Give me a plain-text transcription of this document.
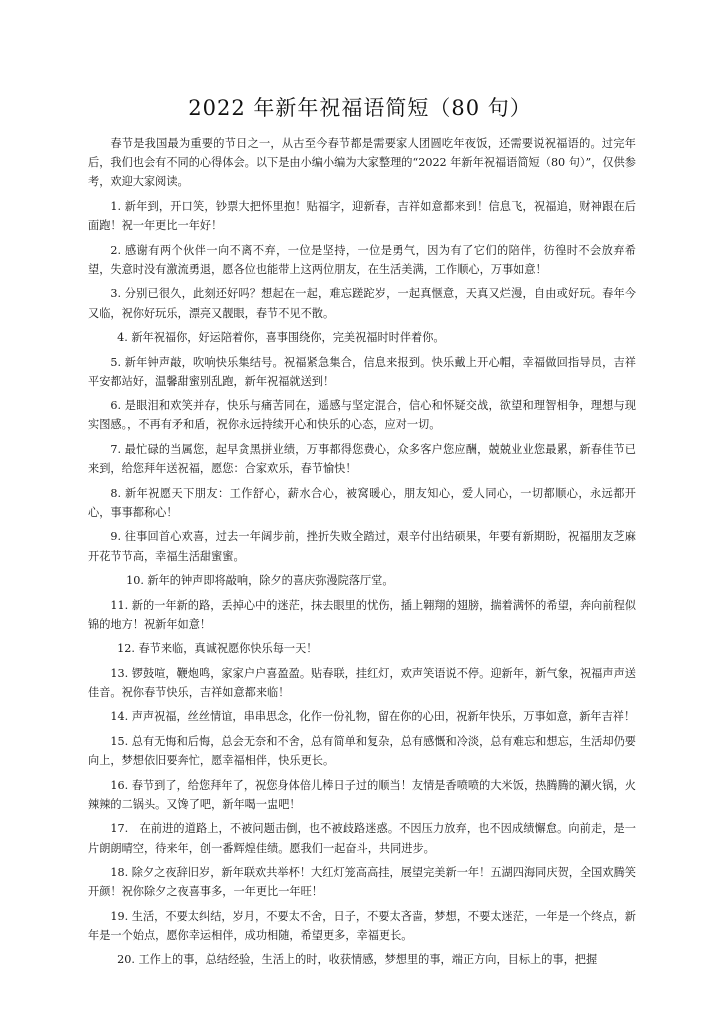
2022 年新年祝福语简短（80 句）

春节是我国最为重要的节日之一，从古至今春节都是需要家人团圆吃年夜饭，还需要说祝福语的。过完年后，我们也会有不同的心得体会。以下是由小编小编为大家整理的“2022 年新年祝福语简短（80 句）”，仅供参考，欢迎大家阅读。

1. 新年到，开口笑，钞票大把怀里抱！贴福字，迎新春，吉祥如意都来到！信息飞，祝福追，财神跟在后面跑！祝一年更比一年好！

2. 感谢有两个伙伴一向不离不弃，一位是坚持，一位是勇气，因为有了它们的陪伴，彷徨时不会放弃希望，失意时没有激流勇退，愿各位也能带上这两位朋友，在生活美满，工作顺心，万事如意！

3. 分别已很久，此刻还好吗？想起在一起，难忘蹉跎岁，一起真惬意，天真又烂漫，自由或好玩。春年今又临，祝你好玩乐，漂亮又靓眼，春节不见不散。

4. 新年祝福你，好运陪着你，喜事围绕你，完美祝福时时伴着你。

5. 新年钟声敲，吹响快乐集结号。祝福紧急集合，信息来报到。快乐戴上开心帽，幸福做回指导员，吉祥平安都站好，温馨甜蜜别乱跑，新年祝福就送到！

6. 是眼泪和欢笑并存，快乐与痛苦同在，遥感与坚定混合，信心和怀疑交战，欲望和理智相争，理想与现实图感。，不再有矛和盾，祝你永远持续开心和快乐的心态，应对一切。

7. 最忙碌的当属您，起早贪黑拼业绩，万事都得您费心，众多客户您应酬，兢兢业业您最累，新春佳节已来到，给您拜年送祝福，愿您：合家欢乐，春节愉快！

8. 新年祝愿天下朋友：工作舒心，薪水合心，被窝暖心，朋友知心，爱人同心，一切都顺心，永远都开心，事事都称心！

9. 往事回首心欢喜，过去一年阔步前，挫折失败全踏过，艰辛付出结硕果，年要有新期盼，祝福朋友芝麻开花节节高，幸福生活甜蜜蜜。

10. 新年的钟声即将敲响，除夕的喜庆弥漫院落厅堂。

11. 新的一年新的路，丢掉心中的迷茫，抹去眼里的忧伤，插上翱翔的翅膀，揣着满怀的希望，奔向前程似锦的地方！祝新年如意！

12. 春节来临，真诚祝愿你快乐每一天！

13. 锣鼓喧，鞭炮鸣，家家户户喜盈盈。贴春联，挂红灯，欢声笑语说不停。迎新年，新气象，祝福声声送佳音。祝你春节快乐，吉祥如意都来临！

14. 声声祝福，丝丝情谊，串串思念，化作一份礼物，留在你的心田，祝新年快乐，万事如意，新年吉祥！

15. 总有无悔和后悔，总会无奈和不舍，总有简单和复杂，总有感慨和冷淡，总有难忘和想忘，生活却仍要向上，梦想依旧要奔忙，愿幸福相伴，快乐更长。

16. 春节到了，给您拜年了，祝您身体倍儿棒日子过的顺当！友情是香喷喷的大米饭，热腾腾的涮火锅，火辣辣的二锅头。又馋了吧，新年喝一盅吧！

17.　在前进的道路上，不被问题击倒，也不被歧路迷惑。不因压力放弃，也不因成绩懈怠。向前走，是一片朗朗晴空，待来年，创一番辉煌佳绩。愿我们一起奋斗，共同进步。

18. 除夕之夜辞旧岁，新年联欢共举杯！大红灯笼高高挂，展望完美新一年！五湖四海同庆贺，全国欢腾笑开颜！祝你除夕之夜喜事多，一年更比一年旺！

19. 生活，不要太纠结，岁月，不要太不舍，日子，不要太吝啬，梦想，不要太迷茫，一年是一个终点，新年是一个始点，愿你幸运相伴，成功相随，希望更多，幸福更长。

20. 工作上的事，总结经验，生活上的时，收获情感，梦想里的事，端正方向，目标上的事，把握
